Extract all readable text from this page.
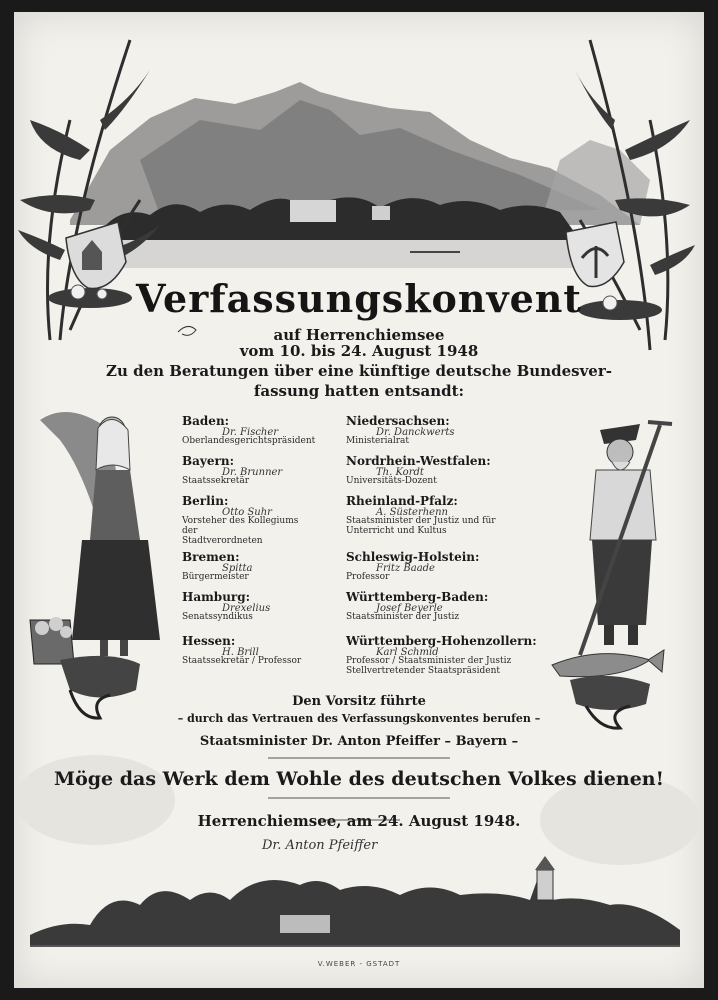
Verfassungskonvent
auf Herrenchiemsee
vom 10. bis 24. August 1948
Zu den Beratungen über eine künftige deutsche Bundesver-
fassung hatten entsandt:
Baden:
Dr. Fischer
Oberlandesgerichtspräsident
Bayern:
Dr. Brunner
Staatssekretär
Berlin:
Otto Suhr
Vorsteher des Kollegiums der
Stadtverordneten
Bremen:
Spitta
Bürgermeister
Hamburg:
Drexelius
Senatssyndikus
Hessen:
H. Brill
Staatssekretär / Professor
Niedersachsen:
Dr. Danckwerts
Ministerialrat
Nordrhein-Westfalen:
Th. Kordt
Universitäts-Dozent
Rheinland-Pfalz:
A. Süsterhenn
Staatsminister der Justiz und für
Unterricht und Kultus
Schleswig-Holstein:
Fritz Baade
Professor
Württemberg-Baden:
Josef Beyerle
Staatsminister der Justiz
Württemberg-Hohenzollern:
Karl Schmid
Professor / Staatsminister der Justiz
Stellvertretender Staatspräsident
Den Vorsitz führte
– durch das Vertrauen des Verfassungskonventes berufen –
Staatsminister Dr. Anton Pfeiffer – Bayern –
Möge das Werk dem Wohle des deutschen Volkes dienen!
Herrenchiemsee, am 24. August 1948.
Dr. Anton Pfeiffer
V.WEBER - GSTADT
